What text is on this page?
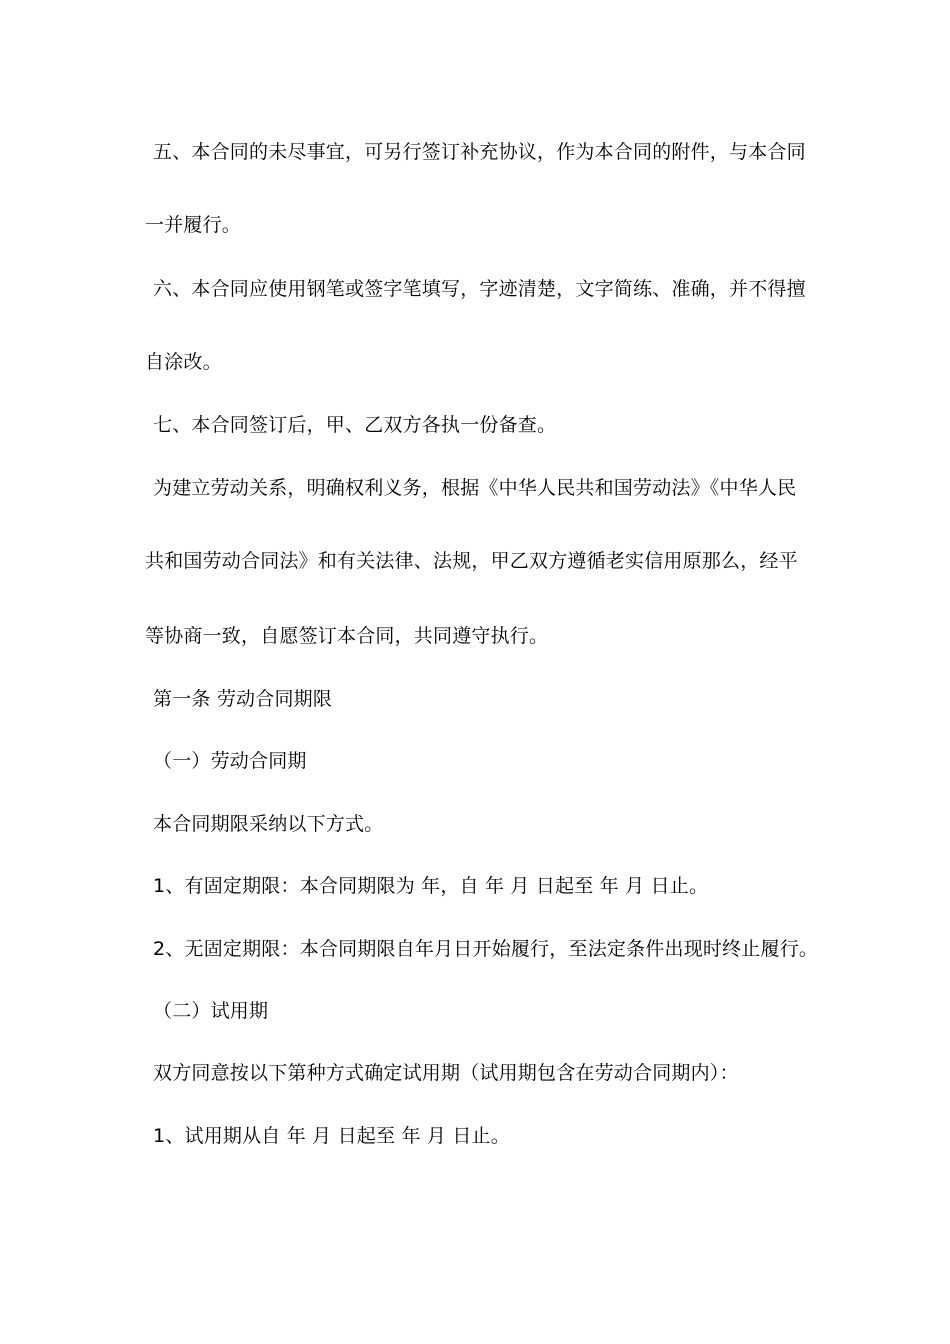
五、本合同的未尽事宜，可另行签订补充协议，作为本合同的附件，与本合同
一并履行。
六、本合同应使用钢笔或签字笔填写，字迹清楚，文字简练、准确，并不得擅
自涂改。
七、本合同签订后，甲、乙双方各执一份备查。
为建立劳动关系，明确权利义务，根据《中华人民共和国劳动法》《中华人民
共和国劳动合同法》和有关法律、法规，甲乙双方遵循老实信用原那么，经平
等协商一致，自愿签订本合同，共同遵守执行。
第一条 劳动合同期限
（一）劳动合同期
本合同期限采纳以下方式。
1、有固定期限：本合同期限为 年，自 年 月 日起至 年 月 日止。
2、无固定期限：本合同期限自年月日开始履行，至法定条件出现时终止履行。
（二）试用期
双方同意按以下第种方式确定试用期（试用期包含在劳动合同期内）：
1、试用期从自 年 月 日起至 年 月 日止。
